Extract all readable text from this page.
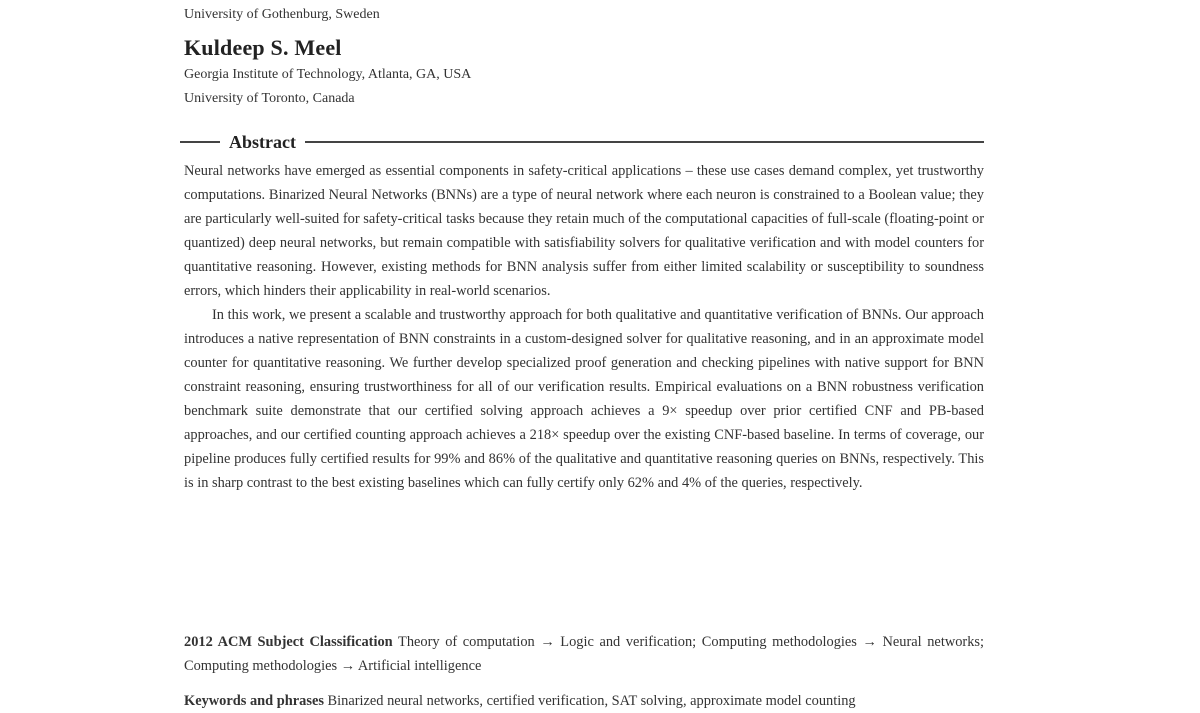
University of Gothenburg, Sweden
Kuldeep S. Meel
Georgia Institute of Technology, Atlanta, GA, USA
University of Toronto, Canada
Abstract

Neural networks have emerged as essential components in safety-critical applications – these use cases demand complex, yet trustworthy computations. Binarized Neural Networks (BNNs) are a type of neural network where each neuron is constrained to a Boolean value; they are particularly well-suited for safety-critical tasks because they retain much of the computational capacities of full-scale (floating-point or quantized) deep neural networks, but remain compatible with satisfiability solvers for qualitative verification and with model counters for quantitative reasoning. However, existing methods for BNN analysis suffer from either limited scalability or susceptibility to soundness errors, which hinders their applicability in real-world scenarios.

In this work, we present a scalable and trustworthy approach for both qualitative and quantitative verification of BNNs. Our approach introduces a native representation of BNN constraints in a custom-designed solver for qualitative reasoning, and in an approximate model counter for quantitative reasoning. We further develop specialized proof generation and checking pipelines with native support for BNN constraint reasoning, ensuring trustworthiness for all of our verification results. Empirical evaluations on a BNN robustness verification benchmark suite demonstrate that our certified solving approach achieves a 9× speedup over prior certified CNF and PB-based approaches, and our certified counting approach achieves a 218× speedup over the existing CNF-based baseline. In terms of coverage, our pipeline produces fully certified results for 99% and 86% of the qualitative and quantitative reasoning queries on BNNs, respectively. This is in sharp contrast to the best existing baselines which can fully certify only 62% and 4% of the queries, respectively.

2012 ACM Subject Classification Theory of computation → Logic and verification; Computing methodologies → Neural networks; Computing methodologies → Artificial intelligence
Keywords and phrases Binarized neural networks, certified verification, SAT solving, approximate model counting
